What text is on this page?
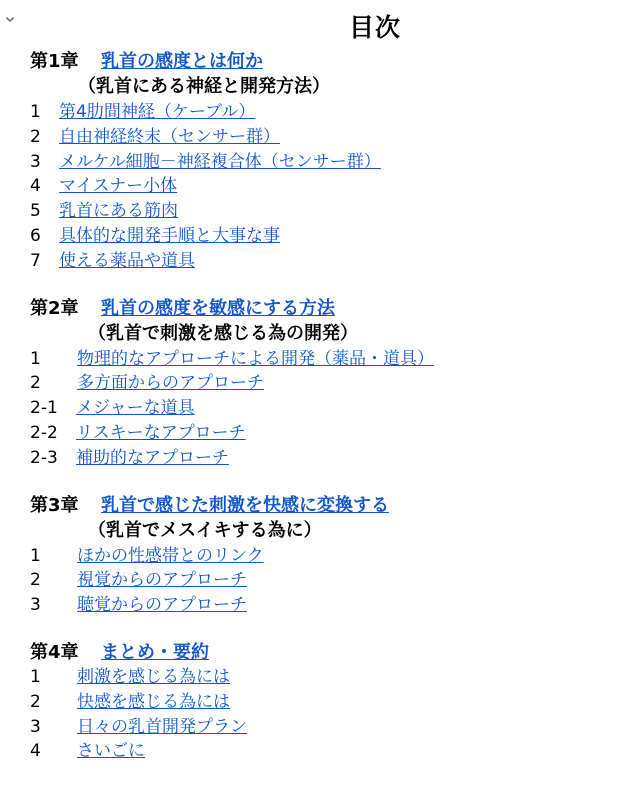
目次
第1章 乳首の感度とは何か
（乳首にある神経と開発方法）
1 第4肋間神経（ケーブル）
2 自由神経終末（センサー群）
3 メルケル細胞－神経複合体（センサー群）
4 マイスナー小体
5 乳首にある筋肉
6 具体的な開発手順と大事な事
7 使える薬品や道具
第2章 乳首の感度を敏感にする方法
（乳首で刺激を感じる為の開発）
1 物理的なアプローチによる開発（薬品・道具）
2 多方面からのアプローチ
2-1 メジャーな道具
2-2 リスキーなアプローチ
2-3 補助的なアプローチ
第3章 乳首で感じた刺激を快感に変換する
（乳首でメスイキする為に）
1 ほかの性感帯とのリンク
2 視覚からのアプローチ
3 聴覚からのアプローチ
第4章 まとめ・要約
1 刺激を感じる為には
2 快感を感じる為には
3 日々の乳首開発プラン
4 さいごに
